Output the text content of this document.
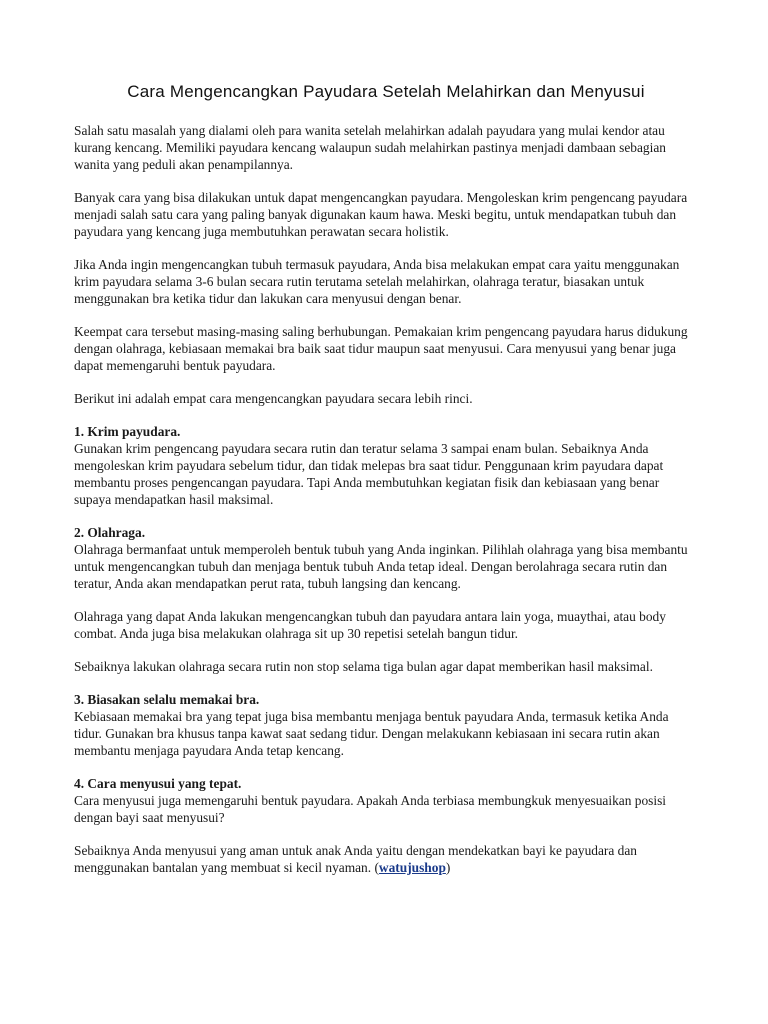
Cara Mengencangkan Payudara Setelah Melahirkan dan Menyusui

Salah satu masalah yang dialami oleh para wanita setelah melahirkan adalah payudara yang mulai kendor atau kurang kencang. Memiliki payudara kencang walaupun sudah melahirkan pastinya menjadi dambaan sebagian wanita yang peduli akan penampilannya.

Banyak cara yang bisa dilakukan untuk dapat mengencangkan payudara. Mengoleskan krim pengencang payudara menjadi salah satu cara yang paling banyak digunakan kaum hawa. Meski begitu, untuk mendapatkan tubuh dan payudara yang kencang juga membutuhkan perawatan secara holistik.

Jika Anda ingin mengencangkan tubuh termasuk payudara, Anda bisa melakukan empat cara yaitu menggunakan krim payudara selama 3-6 bulan secara rutin terutama setelah melahirkan, olahraga teratur, biasakan untuk menggunakan bra ketika tidur dan lakukan cara menyusui dengan benar.

Keempat cara tersebut masing-masing saling berhubungan. Pemakaian krim pengencang payudara harus didukung dengan olahraga, kebiasaan memakai bra baik saat tidur maupun saat menyusui. Cara menyusui yang benar juga dapat memengaruhi bentuk payudara.

Berikut ini adalah empat cara mengencangkan payudara secara lebih rinci.

1. Krim payudara.
Gunakan krim pengencang payudara secara rutin dan teratur selama 3 sampai enam bulan. Sebaiknya Anda mengoleskan krim payudara sebelum tidur, dan tidak melepas bra saat tidur. Penggunaan krim payudara dapat membantu proses pengencangan payudara. Tapi Anda membutuhkan kegiatan fisik dan kebiasaan yang benar supaya mendapatkan hasil maksimal.

2. Olahraga.
Olahraga bermanfaat untuk memperoleh bentuk tubuh yang Anda inginkan. Pilihlah olahraga yang bisa membantu untuk mengencangkan tubuh dan menjaga bentuk tubuh Anda tetap ideal. Dengan berolahraga secara rutin dan teratur, Anda akan mendapatkan perut rata, tubuh langsing dan kencang.

Olahraga yang dapat Anda lakukan mengencangkan tubuh dan payudara antara lain yoga, muaythai, atau body combat. Anda juga bisa melakukan olahraga sit up 30 repetisi setelah bangun tidur.

Sebaiknya lakukan olahraga secara rutin non stop selama tiga bulan agar dapat memberikan hasil maksimal.

3. Biasakan selalu memakai bra.
Kebiasaan memakai bra yang tepat juga bisa membantu menjaga bentuk payudara Anda, termasuk ketika Anda tidur. Gunakan bra khusus tanpa kawat saat sedang tidur. Dengan melakukann kebiasaan ini secara rutin akan membantu menjaga payudara Anda tetap kencang.

4. Cara menyusui yang tepat.
Cara menyusui juga memengaruhi bentuk payudara. Apakah Anda terbiasa membungkuk menyesuaikan posisi dengan bayi saat menyusui?

Sebaiknya Anda menyusui yang aman untuk anak Anda yaitu dengan mendekatkan bayi ke payudara dan menggunakan bantalan yang membuat si kecil nyaman. (watujushop)
